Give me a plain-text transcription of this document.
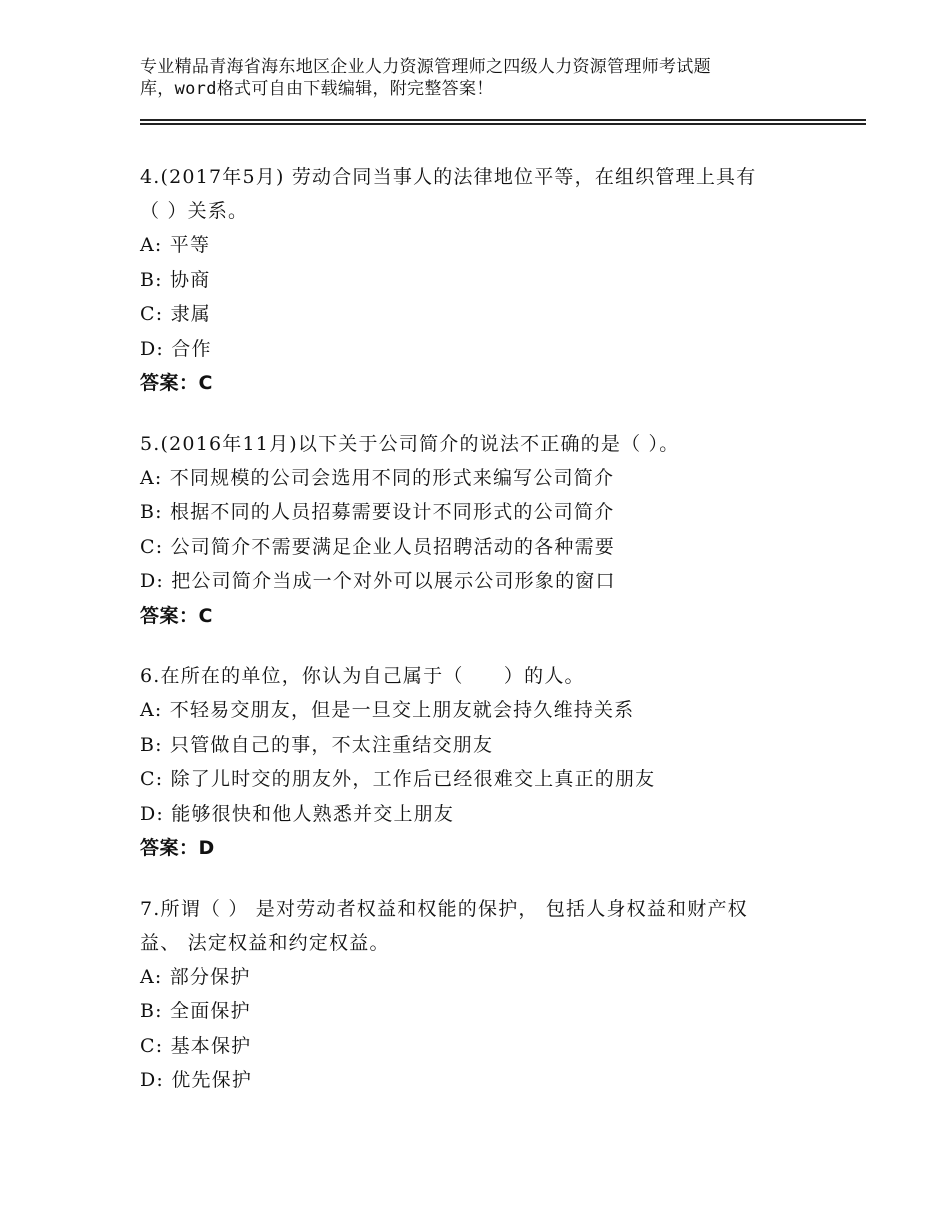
专业精品青海省海东地区企业人力资源管理师之四级人力资源管理师考试题
库，word格式可自由下载编辑，附完整答案！
4.(2017年5月) 劳动合同当事人的法律地位平等，在组织管理上具有
（ ）关系。
A: 平等
B: 协商
C: 隶属
D: 合作
答案：C
5.(2016年11月)以下关于公司简介的说法不正确的是（ ）。
A: 不同规模的公司会选用不同的形式来编写公司简介
B: 根据不同的人员招募需要设计不同形式的公司简介
C: 公司简介不需要满足企业人员招聘活动的各种需要
D: 把公司简介当成一个对外可以展示公司形象的窗口
答案：C
6.在所在的单位，你认为自己属于（　　）的人。
A: 不轻易交朋友，但是一旦交上朋友就会持久维持关系
B: 只管做自己的事，不太注重结交朋友
C: 除了儿时交的朋友外，工作后已经很难交上真正的朋友
D: 能够很快和他人熟悉并交上朋友
答案：D
7.所谓（ ） 是对劳动者权益和权能的保护， 包括人身权益和财产权
益、 法定权益和约定权益。
A: 部分保护
B: 全面保护
C: 基本保护
D: 优先保护
